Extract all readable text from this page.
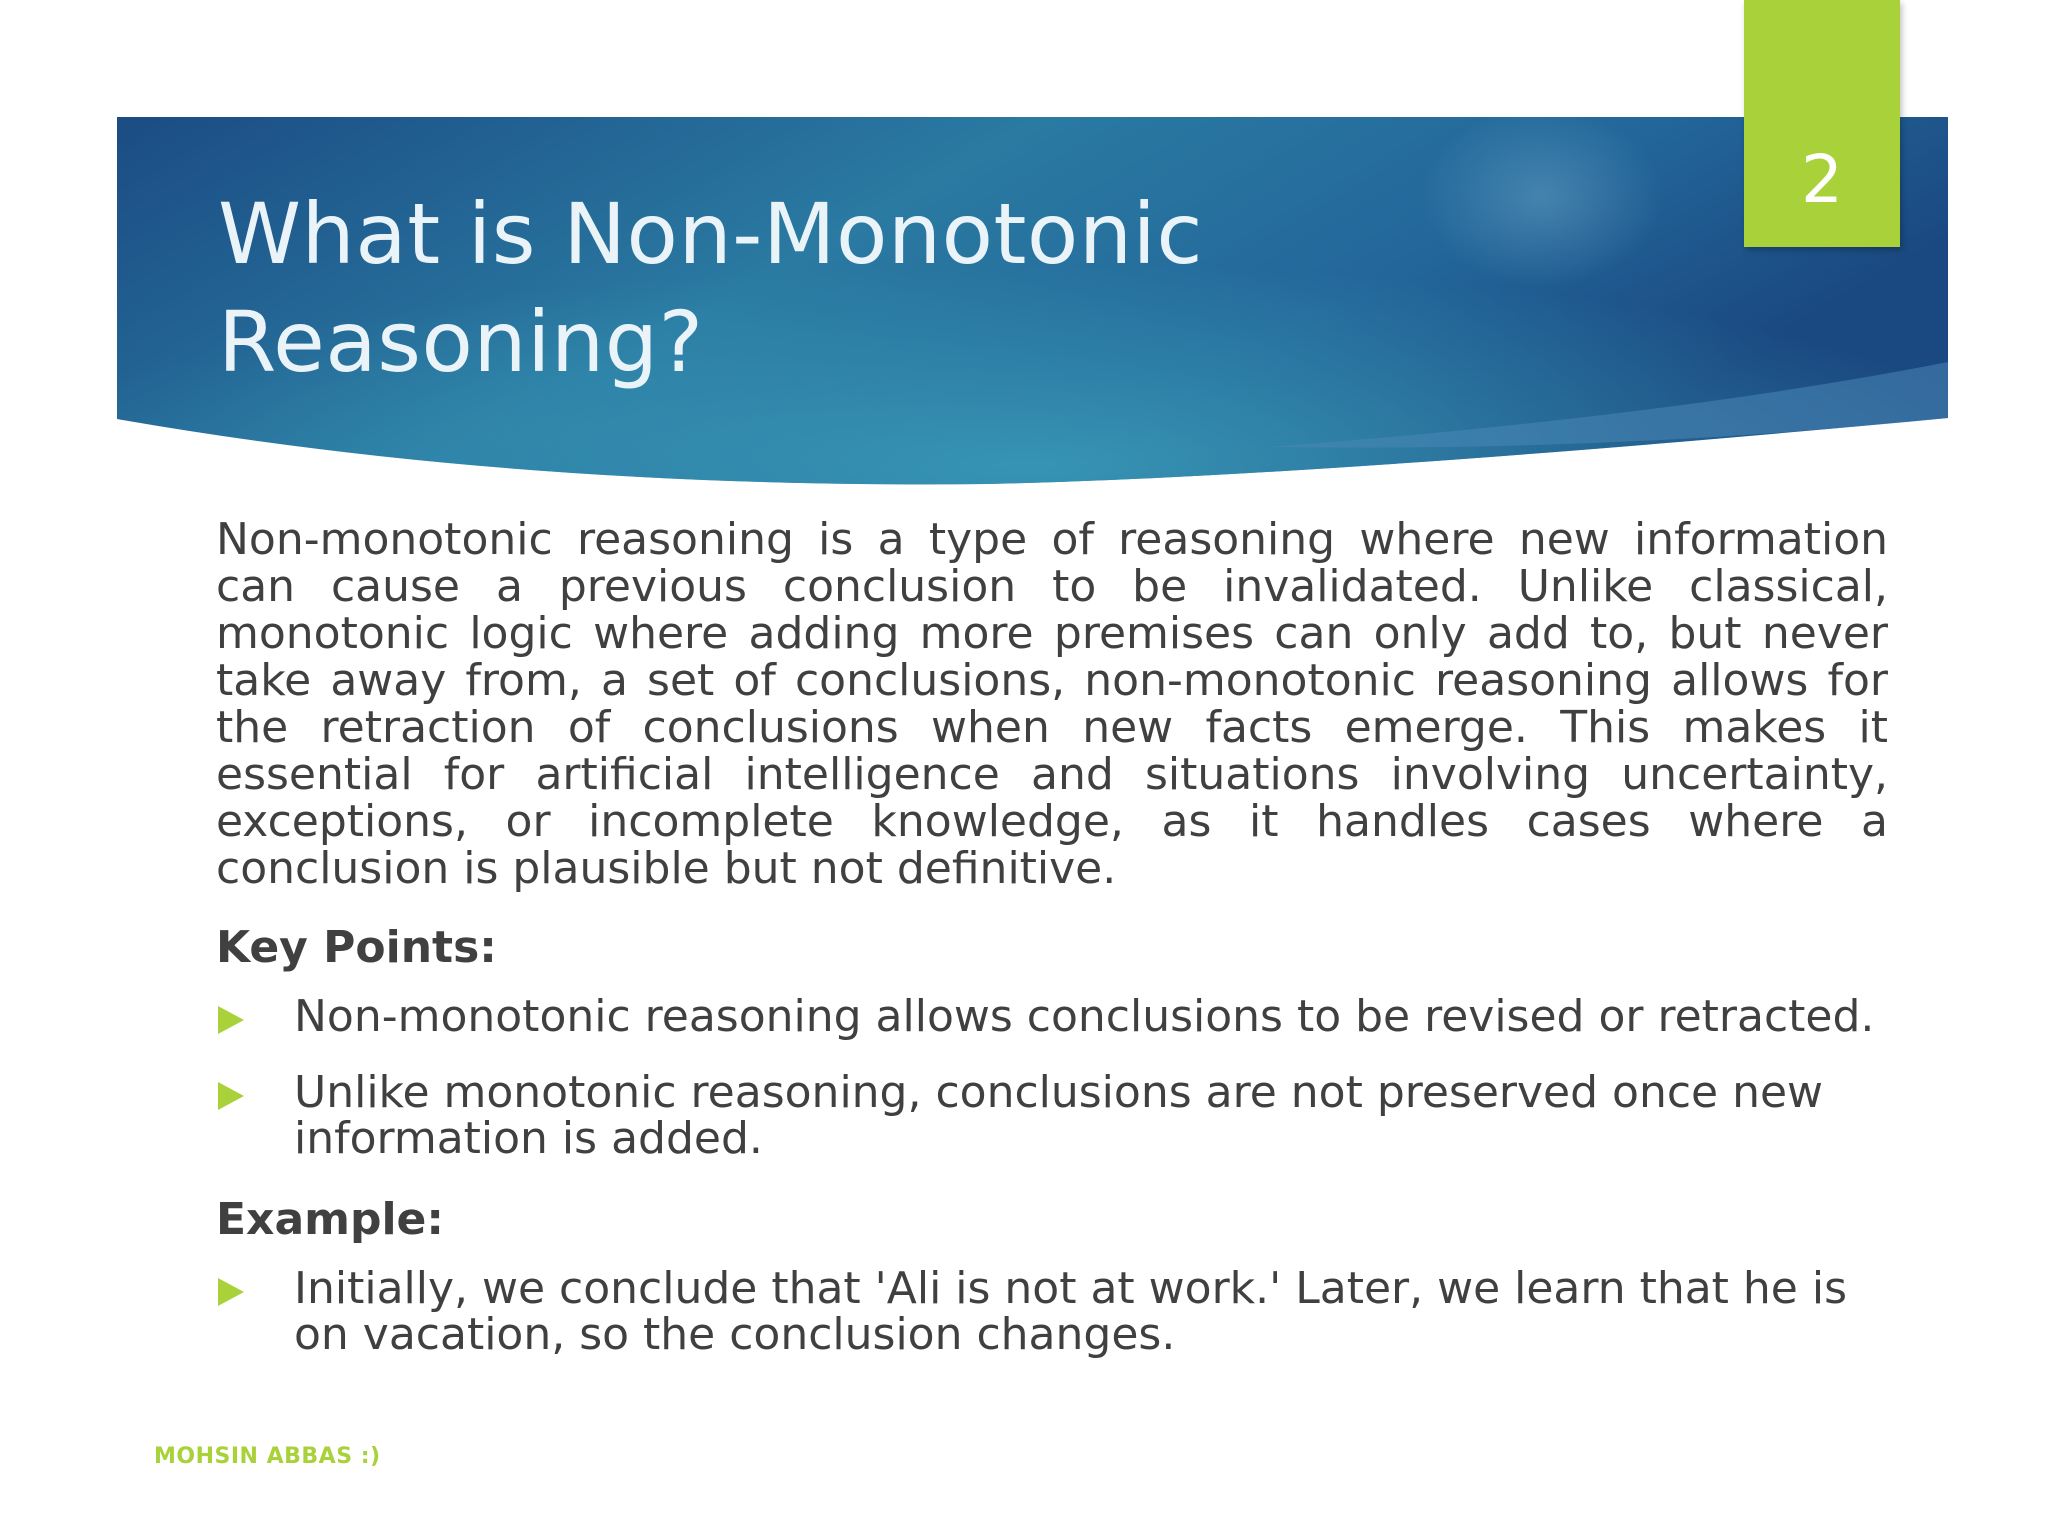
What is Non-Monotonic Reasoning?
2

Non-monotonic reasoning is a type of reasoning where new information can cause a previous conclusion to be invalidated. Unlike classical, monotonic logic where adding more premises can only add to, but never take away from, a set of conclusions, non-monotonic reasoning allows for the retraction of conclusions when new facts emerge. This makes it essential for artificial intelligence and situations involving uncertainty, exceptions, or incomplete knowledge, as it handles cases where a conclusion is plausible but not definitive.

Key Points:
Non-monotonic reasoning allows conclusions to be revised or retracted.
Unlike monotonic reasoning, conclusions are not preserved once new information is added.
Example:
Initially, we conclude that 'Ali is not at work.' Later, we learn that he is on vacation, so the conclusion changes.
MOHSIN ABBAS :)
